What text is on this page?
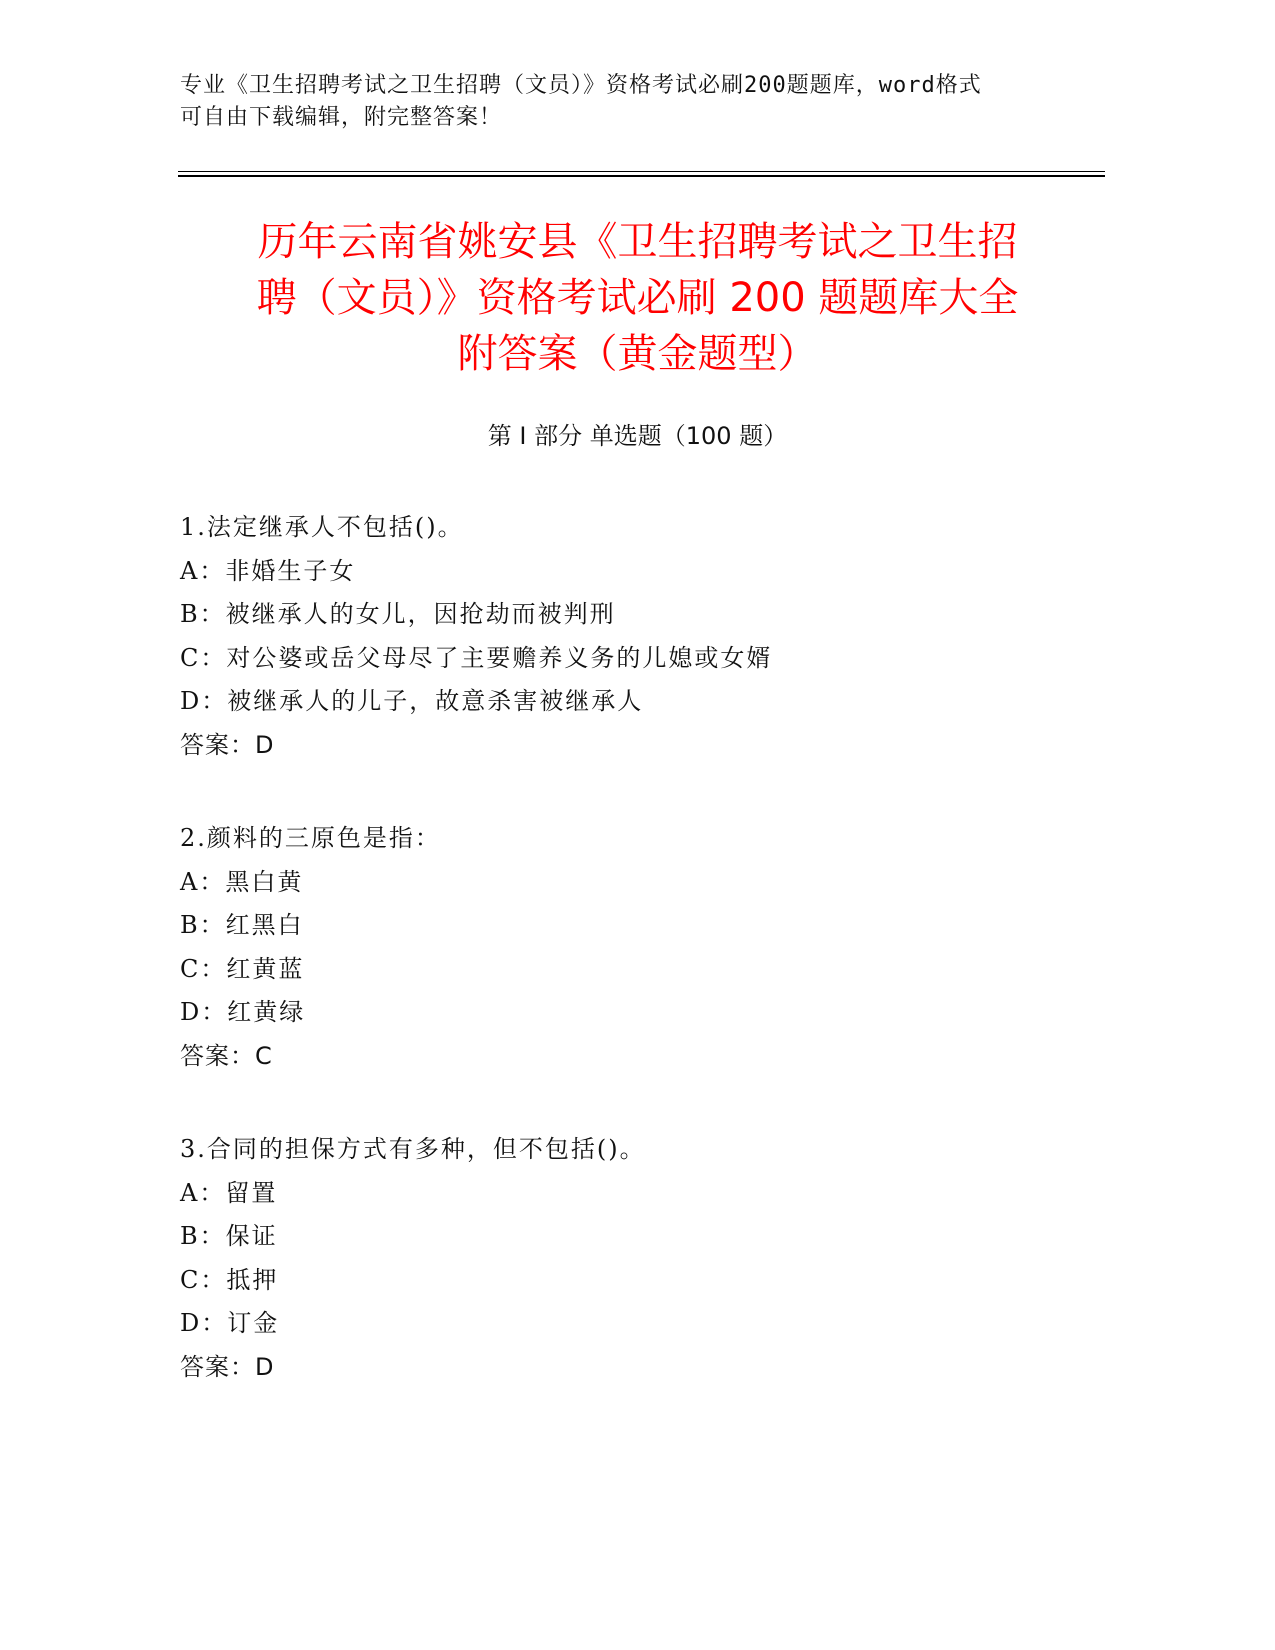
专业《卫生招聘考试之卫生招聘（文员）》资格考试必刷200题题库，word格式
可自由下载编辑，附完整答案！
历年云南省姚安县《卫生招聘考试之卫生招
聘（文员）》资格考试必刷 200 题题库大全
附答案（黄金题型）
第 I 部分 单选题（100 题）
1.法定继承人不包括()。
A：非婚生子女
B：被继承人的女儿，因抢劫而被判刑
C：对公婆或岳父母尽了主要赡养义务的儿媳或女婿
D：被继承人的儿子，故意杀害被继承人
答案：D
2.颜料的三原色是指：
A：黑白黄
B：红黑白
C：红黄蓝
D：红黄绿
答案：C
3.合同的担保方式有多种，但不包括()。
A：留置
B：保证
C：抵押
D：订金
答案：D
